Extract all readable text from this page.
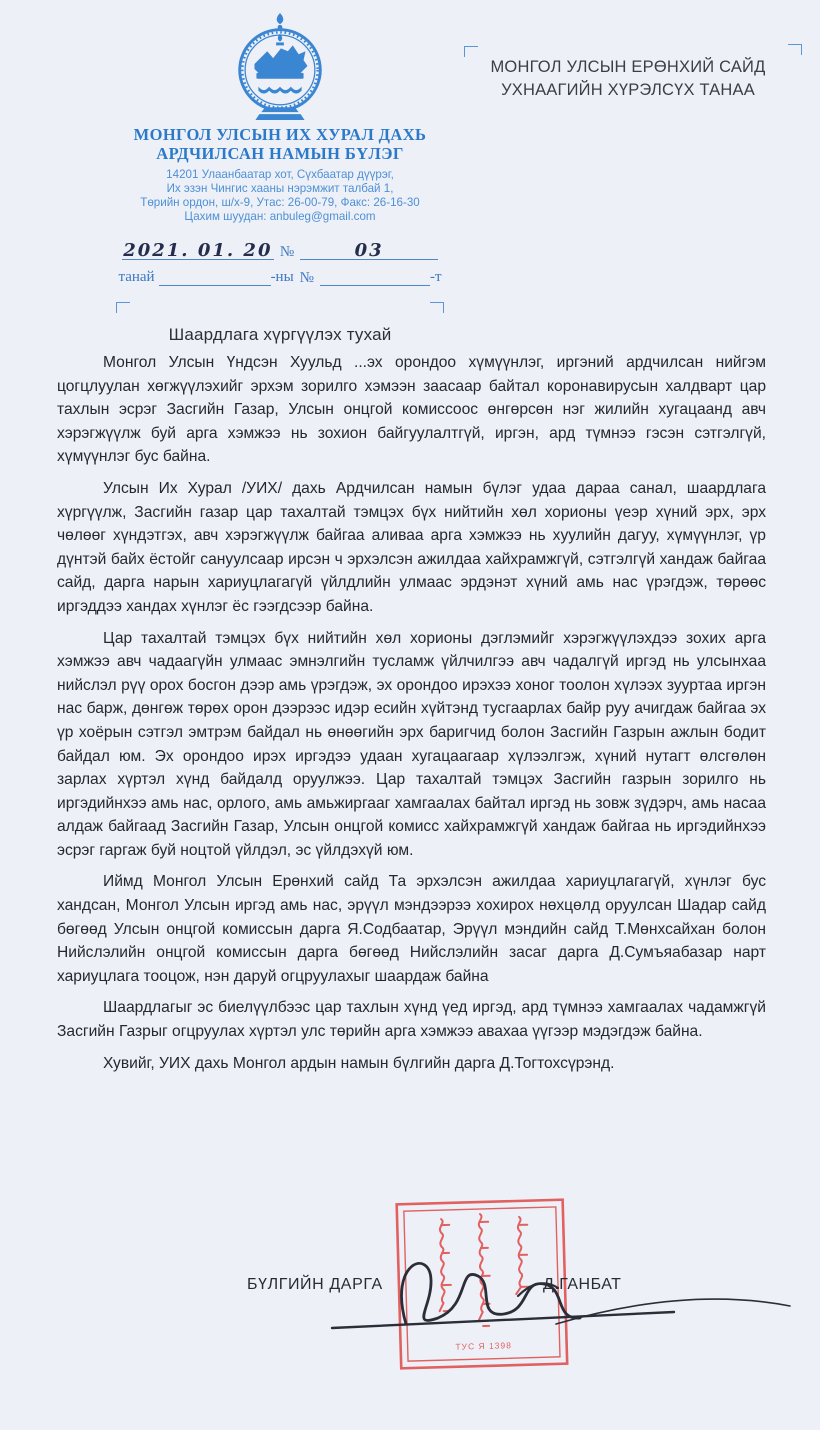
МОНГОЛ УЛСЫН ИХ ХУРАЛ ДАХЬ
АРДЧИЛСАН НАМЫН БҮЛЭГ
14201 Улаанбаатар хот, Сүхбаатар дүүрэг,
Их эзэн Чингис хааны нэрэмжит талбай 1,
Төрийн ордон, ш/х-9, Утас: 26-00-79, Факс: 26-16-30
Цахим шуудан: anbuleg@gmail.com
2021. 01. 20 №	03
танай	-ны №	-т
Шаардлага хүргүүлэх тухай
МОНГОЛ УЛСЫН ЕРӨНХИЙ САЙД
УХНААГИЙН ХҮРЭЛСҮХ ТАНАА

Монгол Улсын Үндсэн Хуульд ...эх орондоо хүмүүнлэг, иргэний ардчилсан нийгэм цогцлуулан хөгжүүлэхийг эрхэм зорилго хэмээн заасаар байтал коронавирусын халдварт цар тахлын эсрэг Засгийн Газар, Улсын онцгой комиссоос өнгөрсөн нэг жилийн хугацаанд авч хэрэгжүүлж буй арга хэмжээ нь зохион байгуулалтгүй, иргэн, ард түмнээ гэсэн сэтгэлгүй, хүмүүнлэг бус байна.

Улсын Их Хурал /УИХ/ дахь Ардчилсан намын бүлэг удаа дараа санал, шаардлага хүргүүлж, Засгийн газар цар тахалтай тэмцэх бүх нийтийн хөл хорионы үеэр хүний эрх, эрх чөлөөг хүндэтгэх, авч хэрэгжүүлж байгаа аливаа арга хэмжээ нь хуулийн дагуу, хүмүүнлэг, үр дүнтэй байх ёстойг сануулсаар ирсэн ч эрхэлсэн ажилдаа хайхрамжгүй, сэтгэлгүй хандаж байгаа сайд, дарга нарын хариуцлагагүй үйлдлийн улмаас эрдэнэт хүний амь нас үрэгдэж, төрөөс иргэддээ хандах хүнлэг ёс гээгдсээр байна.

Цар тахалтай тэмцэх бүх нийтийн хөл хорионы дэглэмийг хэрэгжүүлэхдээ зохих арга хэмжээ авч чадаагүйн улмаас эмнэлгийн тусламж үйлчилгээ авч чадалгүй иргэд нь улсынхаа нийслэл рүү орох босгон дээр амь үрэгдэж, эх орондоо ирэхээ хоног тоолон хүлээх зууртаа иргэн нас барж, дөнгөж төрөх орон дээрээс идэр есийн хүйтэнд тусгаарлах байр руу ачигдаж байгаа эх үр хоёрын сэтгэл эмтрэм байдал нь өнөөгийн эрх баригчид болон Засгийн Газрын ажлын бодит байдал юм. Эх орондоо ирэх иргэдээ удаан хугацаагаар хүлээлгэж, хүний нутагт өлсгөлөн зарлах хүртэл хүнд байдалд оруулжээ. Цар тахалтай тэмцэх Засгийн газрын зорилго нь иргэдийнхээ амь нас, орлого, амь амьжиргааг хамгаалах байтал иргэд нь зовж зүдэрч, амь насаа алдаж байгаад Засгийн Газар, Улсын онцгой комисс хайхрамжгүй хандаж байгаа нь иргэдийнхээ эсрэг гаргаж буй ноцтой үйлдэл, эс үйлдэхүй юм.

Иймд Монгол Улсын Ерөнхий сайд Та эрхэлсэн ажилдаа хариуцлагагүй, хүнлэг бус хандсан, Монгол Улсын иргэд амь нас, эрүүл мэндээрээ хохирох нөхцөлд оруулсан Шадар сайд бөгөөд Улсын онцгой комиссын дарга Я.Содбаатар, Эрүүл мэндийн сайд Т.Мөнхсайхан болон Нийслэлийн онцгой комиссын дарга бөгөөд Нийслэлийн засаг дарга Д.Сумъяабазар нарт хариуцлага тооцож, нэн даруй огцруулахыг шаардаж байна

Шаардлагыг эс биелүүлбээс цар тахлын хүнд үед иргэд, ард түмнээ хамгаалах чадамжгүй Засгийн Газрыг огцруулах хүртэл улс төрийн арга хэмжээ авахаа үүгээр мэдэгдэж байна.

Хувийг, УИХ дахь Монгол ардын намын бүлгийн дарга Д.Тогтохсүрэнд.

ТУС Я 1398
БҮЛГИЙН ДАРГА	Д.ГАНБАТ
